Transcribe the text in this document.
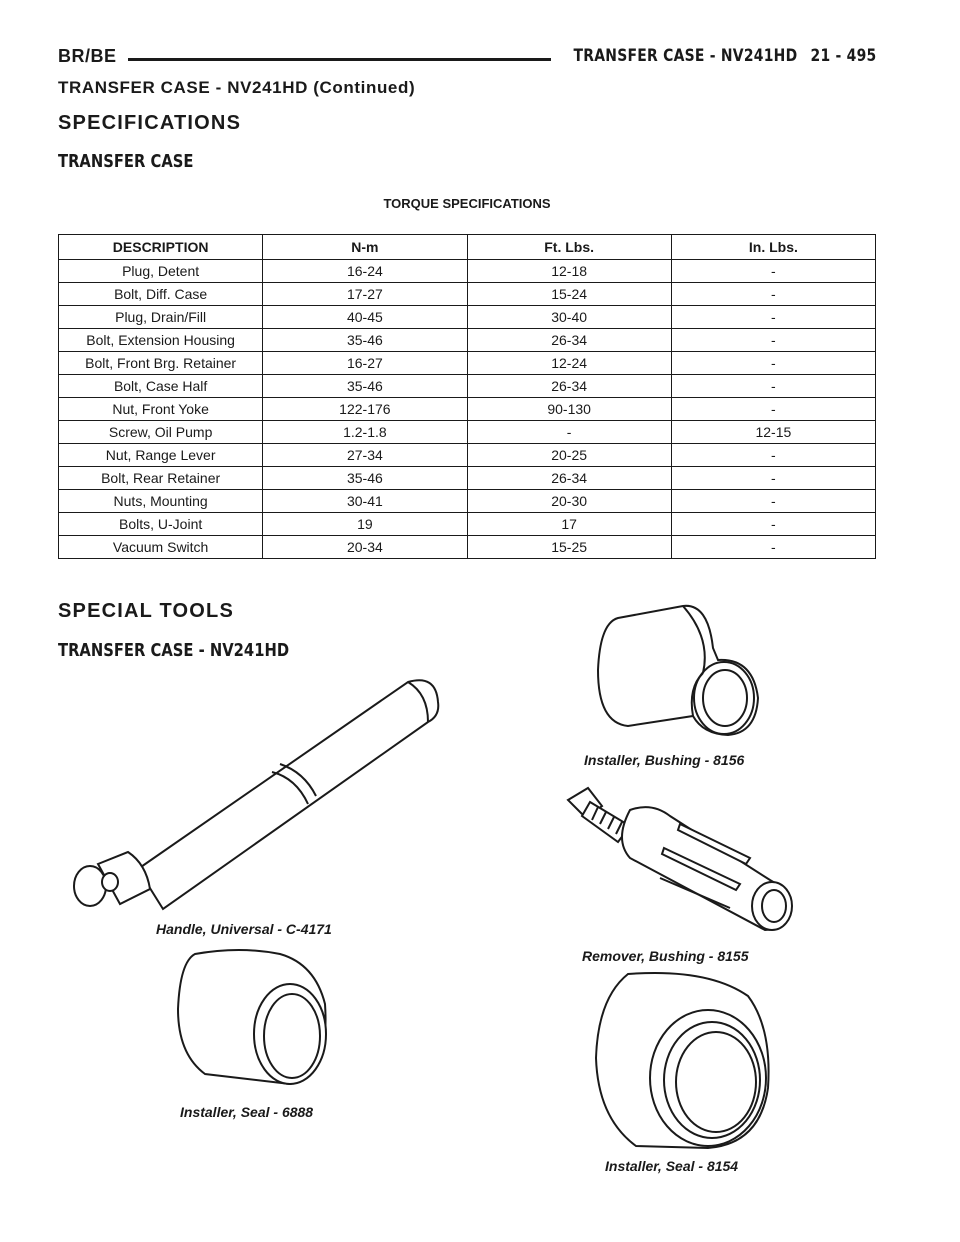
BR/BE	TRANSFER CASE - NV241HD 21 - 495
TRANSFER CASE - NV241HD (Continued)
SPECIFICATIONS
TRANSFER CASE
TORQUE SPECIFICATIONS
DESCRIPTION	N-m	Ft. Lbs.	In. Lbs.
Plug, Detent	16-24	12-18	-
Bolt, Diff. Case	17-27	15-24	-
Plug, Drain/Fill	40-45	30-40	-
Bolt, Extension Housing	35-46	26-34	-
Bolt, Front Brg. Retainer	16-27	12-24	-
Bolt, Case Half	35-46	26-34	-
Nut, Front Yoke	122-176	90-130	-
Screw, Oil Pump	1.2-1.8	-	12-15
Nut, Range Lever	27-34	20-25	-
Bolt, Rear Retainer	35-46	26-34	-
Nuts, Mounting	30-41	20-30	-
Bolts, U-Joint	19	17	-
Vacuum Switch	20-34	15-25	-
SPECIAL TOOLS
TRANSFER CASE - NV241HD
Installer, Bushing - 8156
Handle, Universal - C-4171
Remover, Bushing - 8155
Installer, Seal - 6888
Installer, Seal - 8154
